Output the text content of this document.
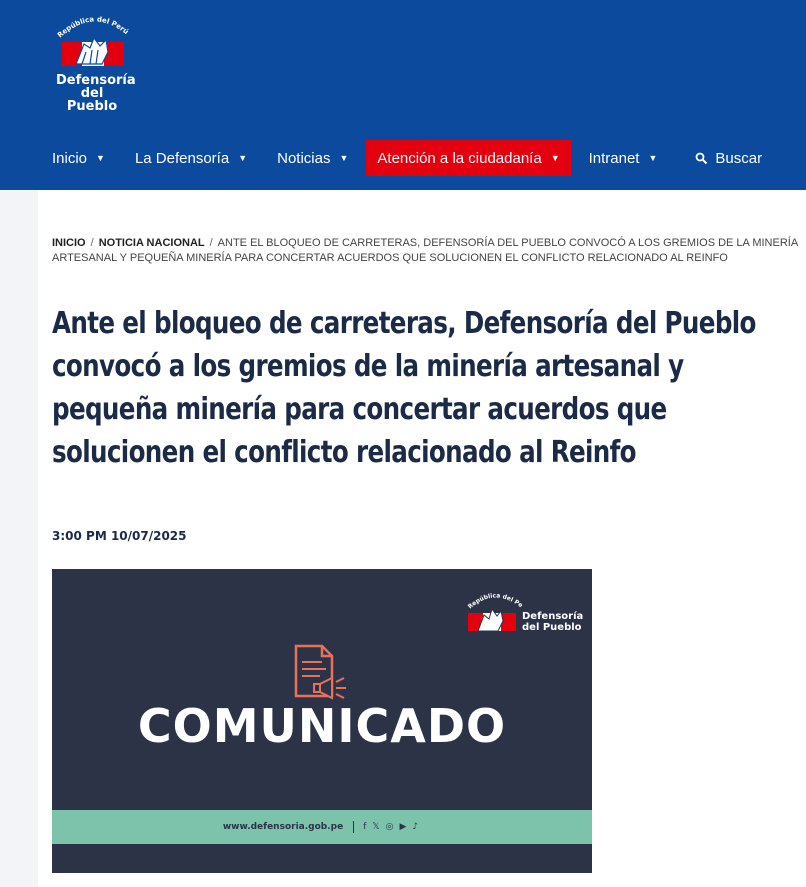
República del Perú
Defensoría
del Pueblo
Inicio ▼ La Defensoría ▼ Noticias ▼ Atención a la ciudadanía ▼ Intranet ▼	Buscar
INICIO / NOTICIA NACIONAL / ANTE EL BLOQUEO DE CARRETERAS, DEFENSORÍA DEL PUEBLO CONVOCÓ A LOS GREMIOS DE LA MINERÍA ARTESANAL Y PEQUEÑA MINERÍA PARA CONCERTAR ACUERDOS QUE SOLUCIONEN EL CONFLICTO RELACIONADO AL REINFO
Ante el bloqueo de carreteras, Defensoría del Pueblo convocó a los gremios de la minería artesanal y pequeña minería para concertar acuerdos que solucionen el conflicto relacionado al Reinfo
3:00 PM 10/07/2025
República del P
Defensoría
del Pueblo
COMUNICADO
www.defensoria.gob.pe f 𝕏 ◎ ▶ ♪
